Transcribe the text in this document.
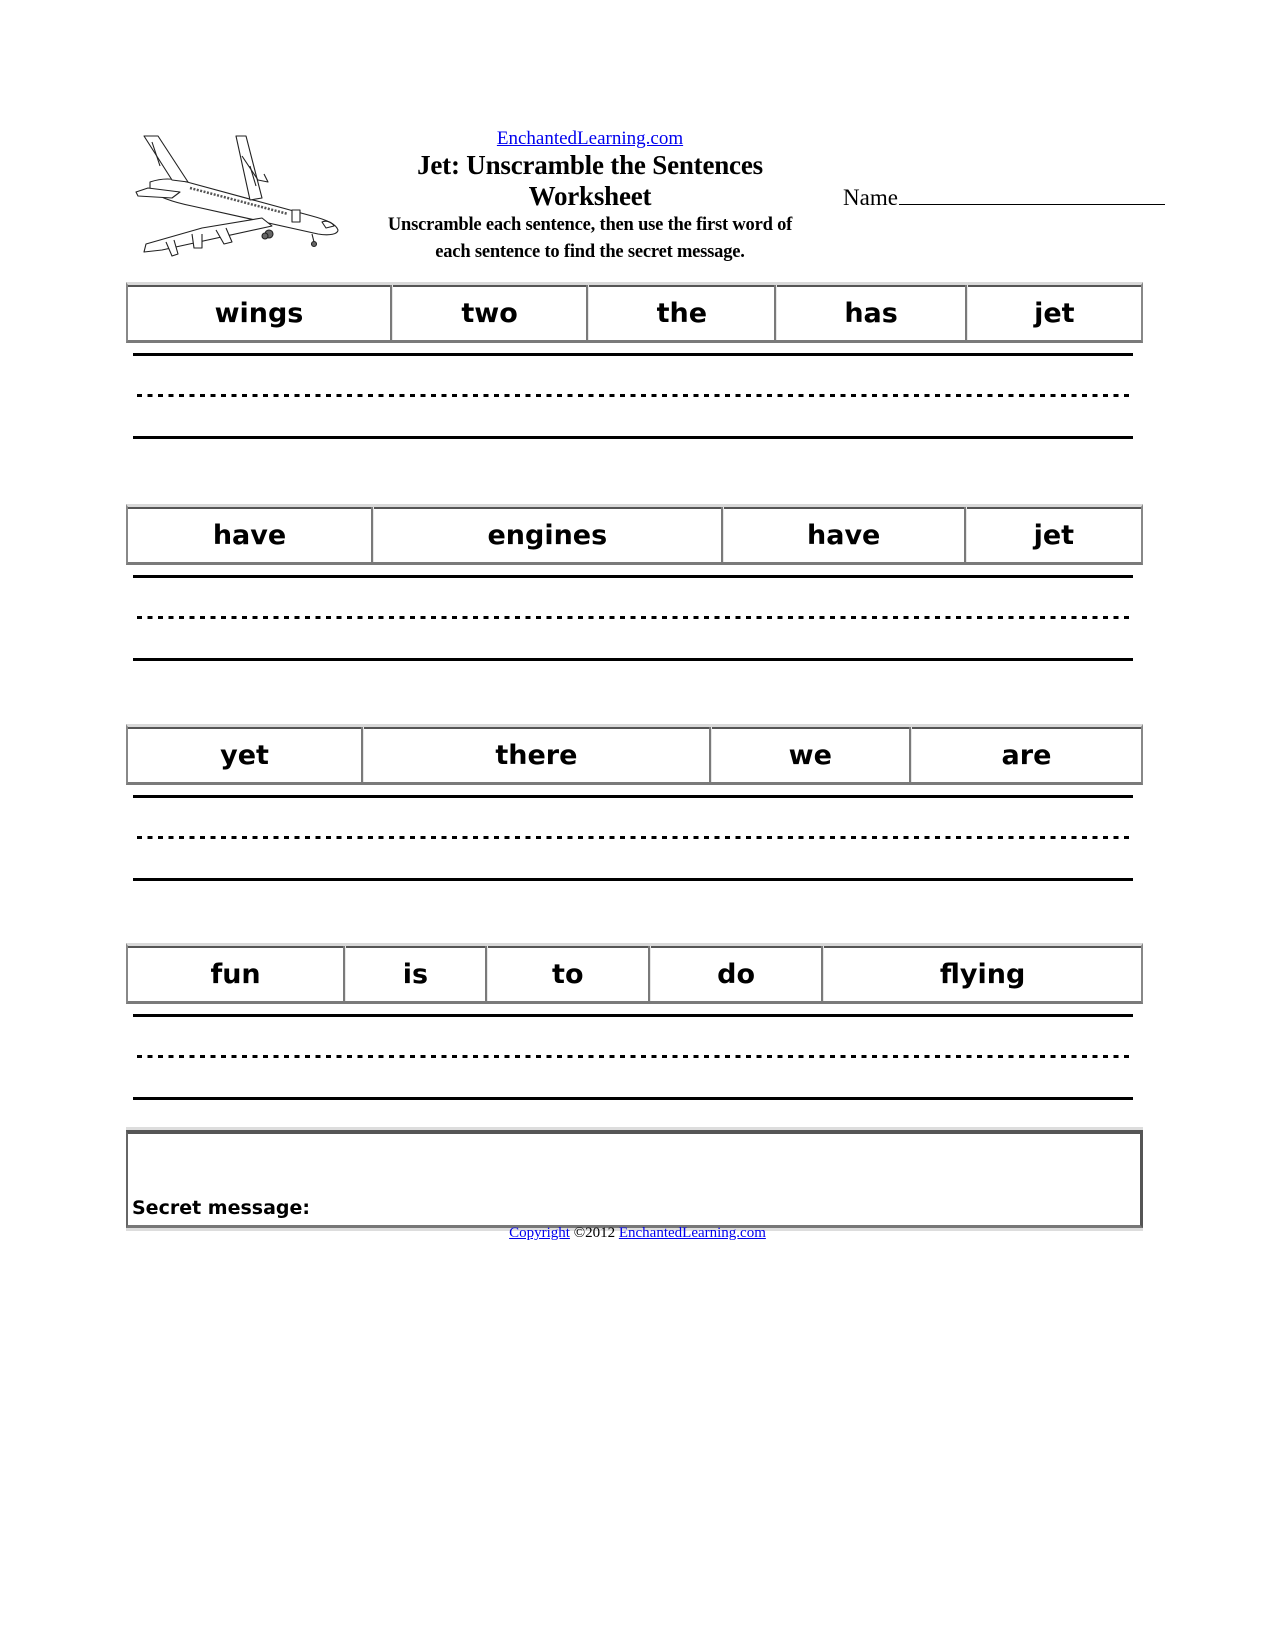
EnchantedLearning.com
Jet: Unscramble the Sentences
Worksheet
Unscramble each sentence, then use the first word of
each sentence to find the secret message.
Name
wings	two	the	has	jet
have	engines	have	jet
yet	there	we	are
fun	is	to	do	flying
Secret message:
Copyright ©2012 EnchantedLearning.com
